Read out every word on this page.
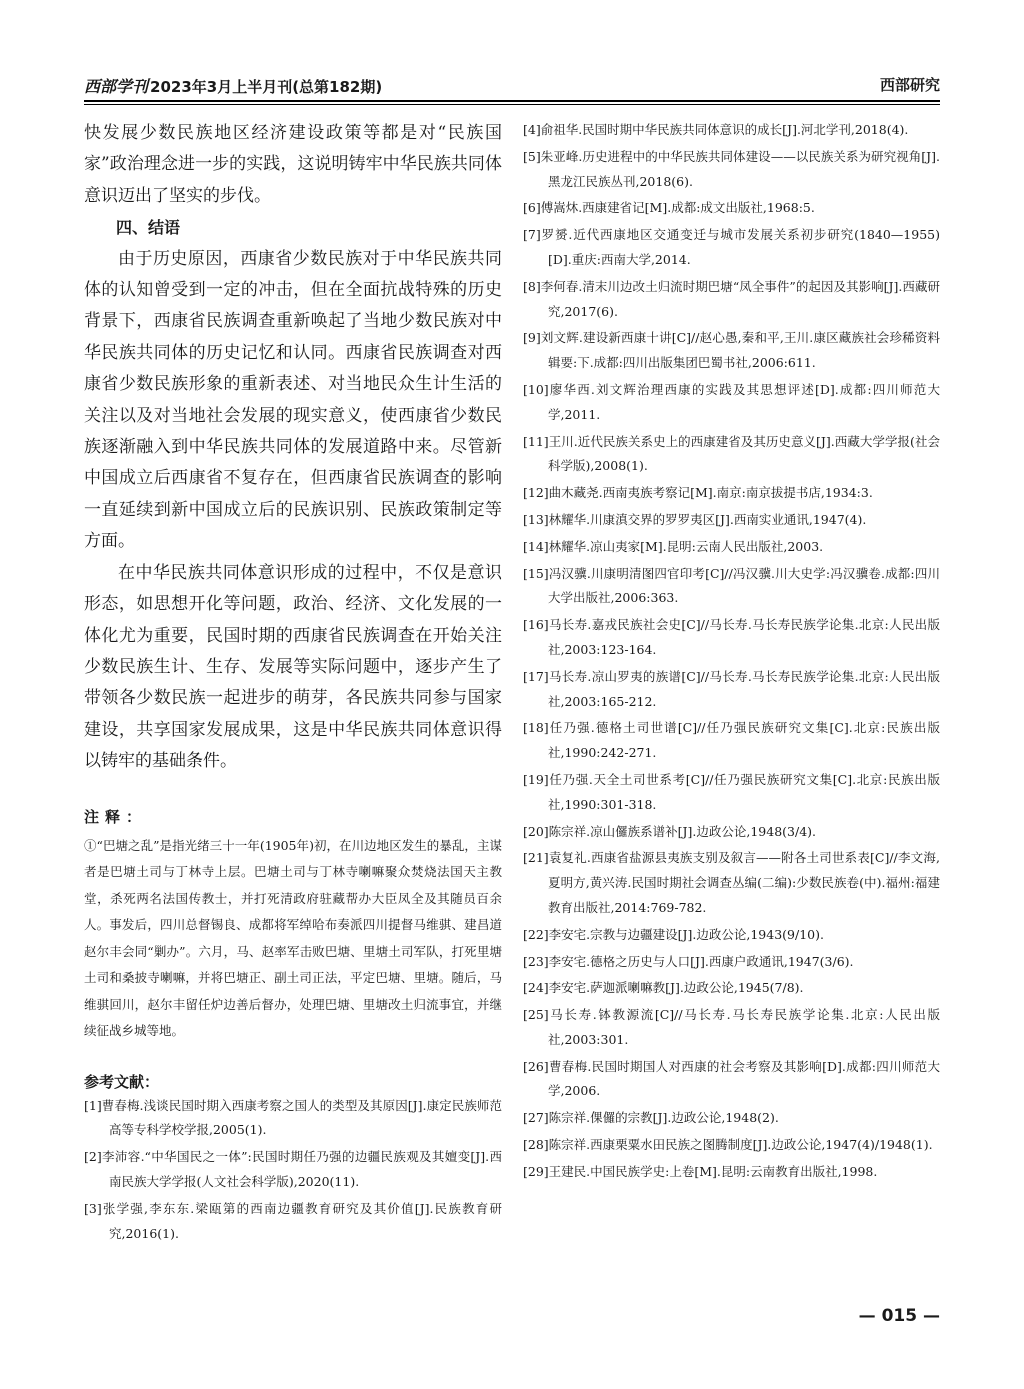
西部学刊 2023年3月上半月刊(总第182期)	西部研究

快发展少数民族地区经济建设政策等都是对“民族国家”政治理念进一步的实践，这说明铸牢中华民族共同体意识迈出了坚实的步伐。

四、结语

由于历史原因，西康省少数民族对于中华民族共同体的认知曾受到一定的冲击，但在全面抗战特殊的历史背景下，西康省民族调查重新唤起了当地少数民族对中华民族共同体的历史记忆和认同。西康省民族调查对西康省少数民族形象的重新表述、对当地民众生计生活的关注以及对当地社会发展的现实意义，使西康省少数民族逐渐融入到中华民族共同体的发展道路中来。尽管新中国成立后西康省不复存在，但西康省民族调查的影响一直延续到新中国成立后的民族识别、民族政策制定等方面。

在中华民族共同体意识形成的过程中，不仅是意识形态，如思想开化等问题，政治、经济、文化发展的一体化尤为重要，民国时期的西康省民族调查在开始关注少数民族生计、生存、发展等实际问题中，逐步产生了带领各少数民族一起进步的萌芽，各民族共同参与国家建设，共享国家发展成果，这是中华民族共同体意识得以铸牢的基础条件。

注释：

①“巴塘之乱”是指光绪三十一年(1905年)初，在川边地区发生的暴乱，主谋者是巴塘土司与丁林寺上层。巴塘土司与丁林寺喇嘛聚众焚烧法国天主教堂，杀死两名法国传教士，并打死清政府驻藏帮办大臣凤全及其随员百余人。事发后，四川总督锡良、成都将军绰哈布奏派四川提督马维骐、建昌道赵尔丰会同“剿办”。六月，马、赵率军击败巴塘、里塘土司军队，打死里塘土司和桑披寺喇嘛，并将巴塘正、副土司正法，平定巴塘、里塘。随后，马维骐回川，赵尔丰留任炉边善后督办，处理巴塘、里塘改土归流事宜，并继续征战乡城等地。

参考文献：

[1]曹春梅.浅谈民国时期入西康考察之国人的类型及其原因[J].康定民族师范高等专科学校学报,2005(1).

[2]李沛容.“中华国民之一体”:民国时期任乃强的边疆民族观及其嬗变[J].西南民族大学学报(人文社会科学版),2020(11).

[3]张学强,李东东.梁瓯第的西南边疆教育研究及其价值[J].民族教育研究,2016(1).

[4]俞祖华.民国时期中华民族共同体意识的成长[J].河北学刊,2018(4).

[5]朱亚峰.历史进程中的中华民族共同体建设——以民族关系为研究视角[J].黑龙江民族丛刊,2018(6).

[6]傅嵩炑.西康建省记[M].成都:成文出版社,1968:5.

[7]罗赟.近代西康地区交通变迁与城市发展关系初步研究(1840—1955)[D].重庆:西南大学,2014.

[8]李何春.清末川边改土归流时期巴塘“凤全事件”的起因及其影响[J].西藏研究,2017(6).

[9]刘文辉.建设新西康十讲[C]//赵心愚,秦和平,王川.康区藏族社会珍稀资料辑要:下.成都:四川出版集团巴蜀书社,2006:611.

[10]廖华西.刘文辉治理西康的实践及其思想评述[D].成都:四川师范大学,2011.

[11]王川.近代民族关系史上的西康建省及其历史意义[J].西藏大学学报(社会科学版),2008(1).

[12]曲木藏尧.西南夷族考察记[M].南京:南京拔提书店,1934:3.

[13]林耀华.川康滇交界的罗罗夷区[J].西南实业通讯,1947(4).

[14]林耀华.凉山夷家[M].昆明:云南人民出版社,2003.

[15]冯汉骥.川康明清图四官印考[C]//冯汉骥.川大史学:冯汉骥卷.成都:四川大学出版社,2006:363.

[16]马长寿.嘉戎民族社会史[C]//马长寿.马长寿民族学论集.北京:人民出版社,2003:123-164.

[17]马长寿.凉山罗夷的族谱[C]//马长寿.马长寿民族学论集.北京:人民出版社,2003:165-212.

[18]任乃强.德格土司世谱[C]//任乃强民族研究文集[C].北京:民族出版社,1990:242-271.

[19]任乃强.天全土司世系考[C]//任乃强民族研究文集[C].北京:民族出版社,1990:301-318.

[20]陈宗祥.凉山儸族系谱补[J].边政公论,1948(3/4).

[21]袁复礼.西康省盐源县夷族支别及叙言——附各土司世系表[C]//李文海,夏明方,黄兴涛.民国时期社会调查丛编(二编):少数民族卷(中).福州:福建教育出版社,2014:769-782.

[22]李安宅.宗教与边疆建设[J].边政公论,1943(9/10).

[23]李安宅.德格之历史与人口[J].西康户政通讯,1947(3/6).

[24]李安宅.萨迦派喇嘛教[J].边政公论,1945(7/8).

[25]马长寿.钵教源流[C]//马长寿.马长寿民族学论集.北京:人民出版社,2003:301.

[26]曹春梅.民国时期国人对西康的社会考察及其影响[D].成都:四川师范大学,2006.

[27]陈宗祥.倮儸的宗教[J].边政公论,1948(2).

[28]陈宗祥.西康栗粟水田民族之图腾制度[J].边政公论,1947(4)/1948(1).

[29]王建民.中国民族学史:上卷[M].昆明:云南教育出版社,1998.

— 015 —
